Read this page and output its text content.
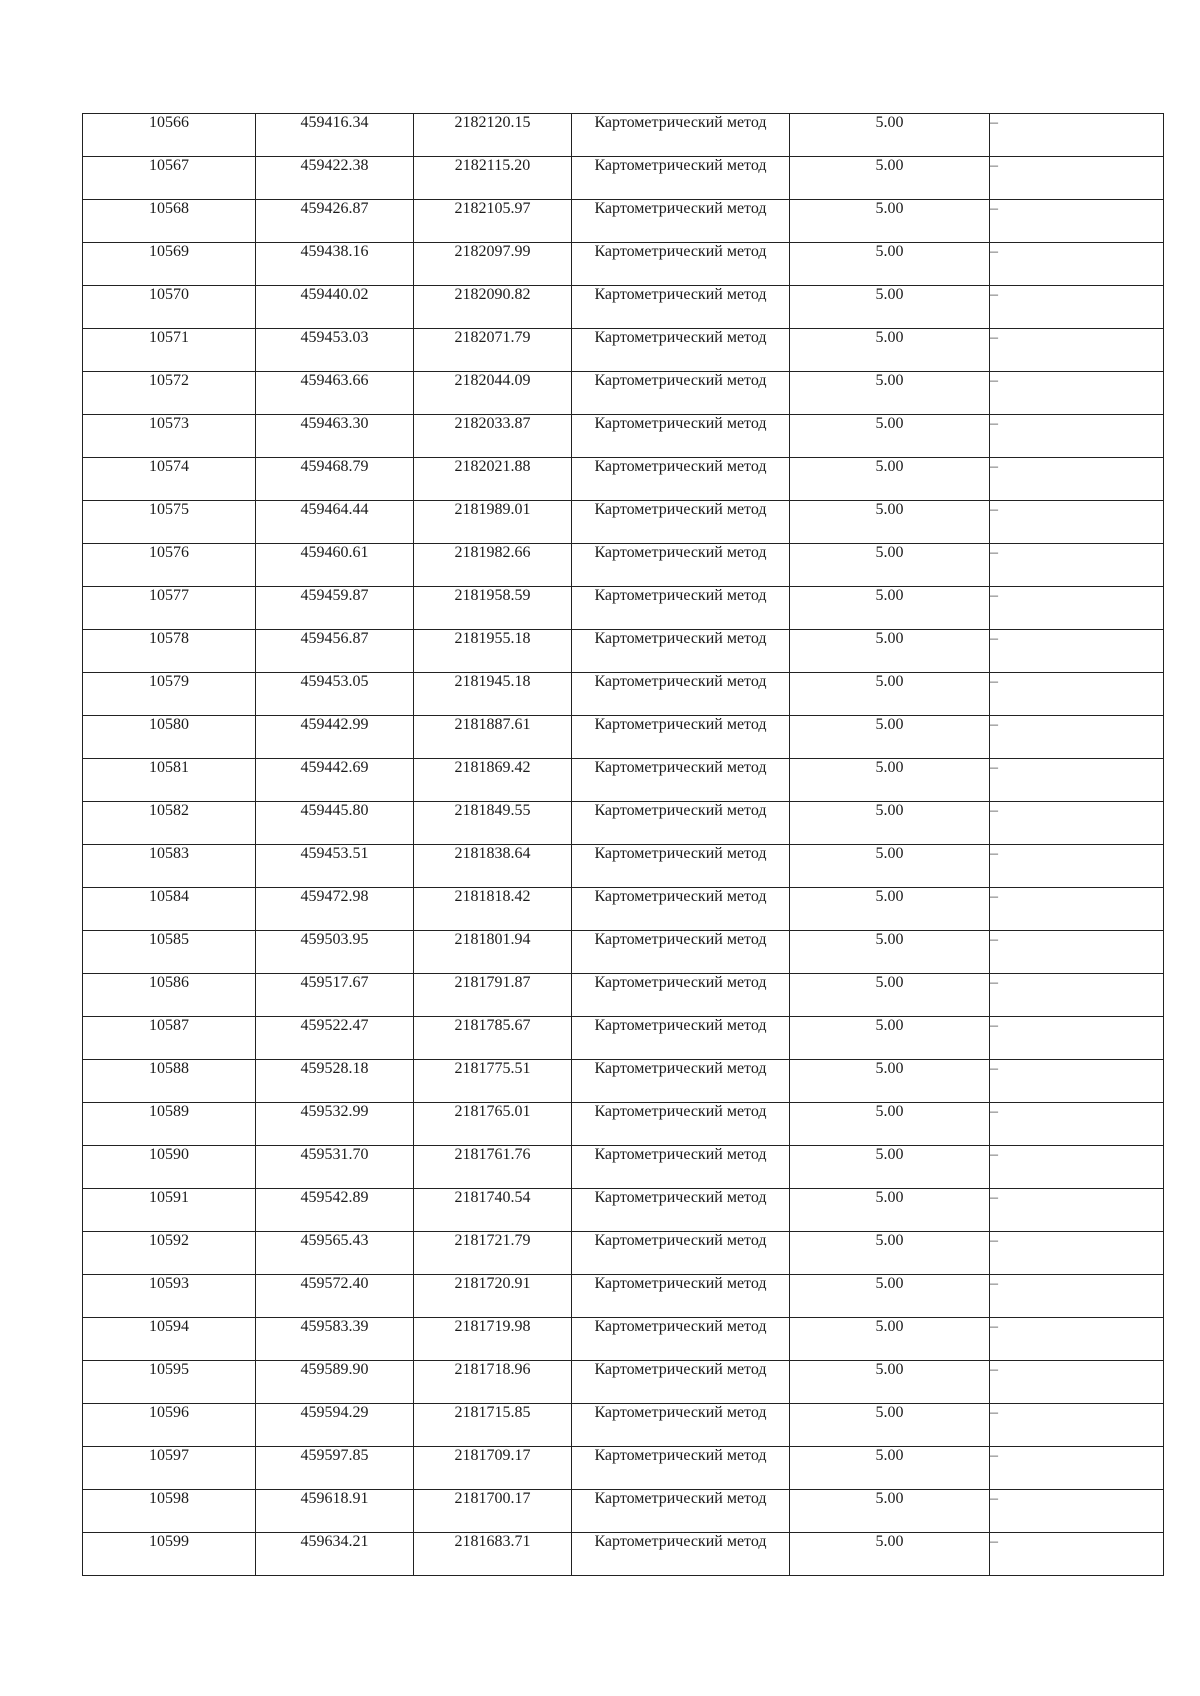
10566	459416.34	2182120.15	Картометрический метод	5.00	–
10567	459422.38	2182115.20	Картометрический метод	5.00	–
10568	459426.87	2182105.97	Картометрический метод	5.00	–
10569	459438.16	2182097.99	Картометрический метод	5.00	–
10570	459440.02	2182090.82	Картометрический метод	5.00	–
10571	459453.03	2182071.79	Картометрический метод	5.00	–
10572	459463.66	2182044.09	Картометрический метод	5.00	–
10573	459463.30	2182033.87	Картометрический метод	5.00	–
10574	459468.79	2182021.88	Картометрический метод	5.00	–
10575	459464.44	2181989.01	Картометрический метод	5.00	–
10576	459460.61	2181982.66	Картометрический метод	5.00	–
10577	459459.87	2181958.59	Картометрический метод	5.00	–
10578	459456.87	2181955.18	Картометрический метод	5.00	–
10579	459453.05	2181945.18	Картометрический метод	5.00	–
10580	459442.99	2181887.61	Картометрический метод	5.00	–
10581	459442.69	2181869.42	Картометрический метод	5.00	–
10582	459445.80	2181849.55	Картометрический метод	5.00	–
10583	459453.51	2181838.64	Картометрический метод	5.00	–
10584	459472.98	2181818.42	Картометрический метод	5.00	–
10585	459503.95	2181801.94	Картометрический метод	5.00	–
10586	459517.67	2181791.87	Картометрический метод	5.00	–
10587	459522.47	2181785.67	Картометрический метод	5.00	–
10588	459528.18	2181775.51	Картометрический метод	5.00	–
10589	459532.99	2181765.01	Картометрический метод	5.00	–
10590	459531.70	2181761.76	Картометрический метод	5.00	–
10591	459542.89	2181740.54	Картометрический метод	5.00	–
10592	459565.43	2181721.79	Картометрический метод	5.00	–
10593	459572.40	2181720.91	Картометрический метод	5.00	–
10594	459583.39	2181719.98	Картометрический метод	5.00	–
10595	459589.90	2181718.96	Картометрический метод	5.00	–
10596	459594.29	2181715.85	Картометрический метод	5.00	–
10597	459597.85	2181709.17	Картометрический метод	5.00	–
10598	459618.91	2181700.17	Картометрический метод	5.00	–
10599	459634.21	2181683.71	Картометрический метод	5.00	–
